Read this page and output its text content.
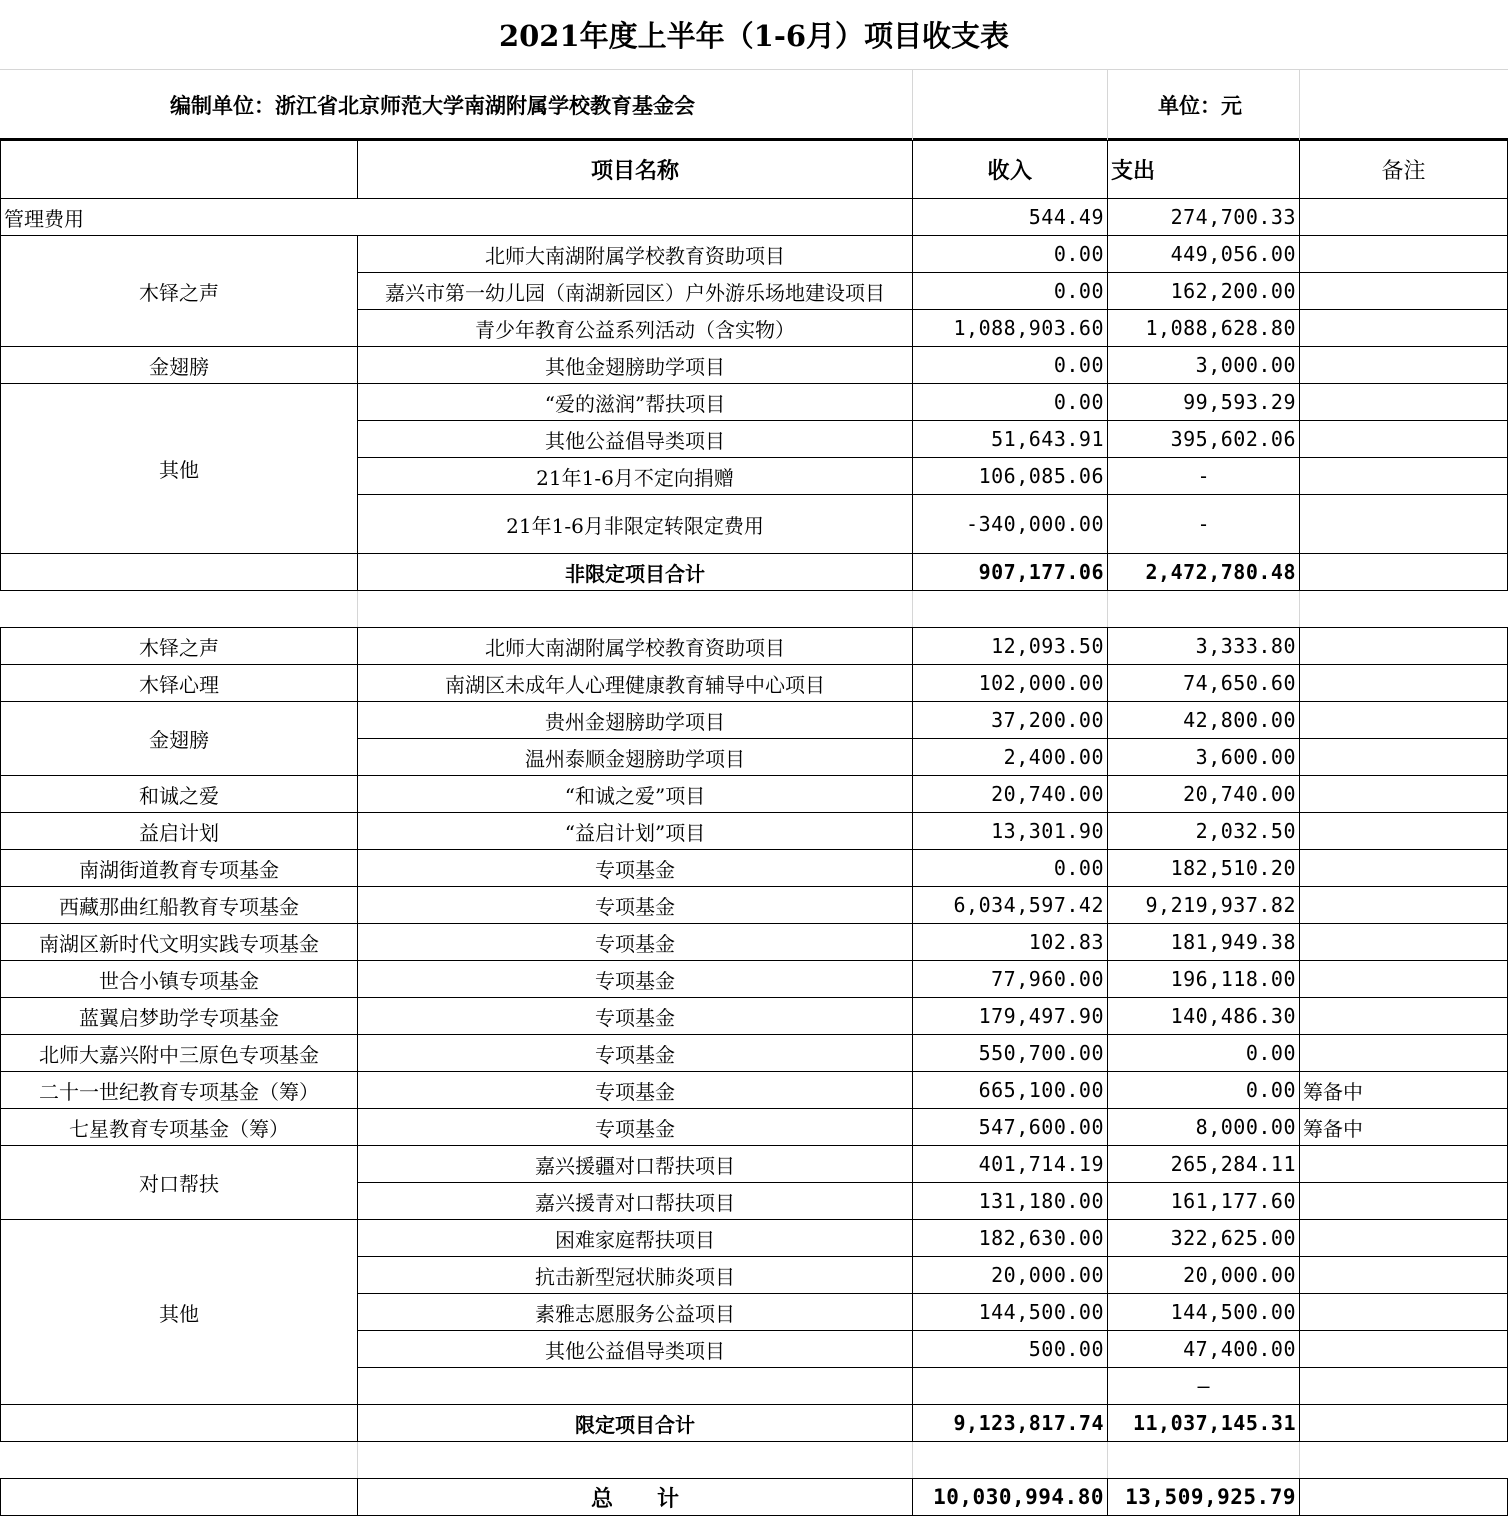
2021年度上半年（1-6月）项目收支表
编制单位：浙江省北京师范大学南湖附属学校教育基金会	单位：元
	项目名称	收入	支出	备注
管理费用		544.49	274,700.33	
木铎之声	北师大南湖附属学校教育资助项目	0.00	449,056.00	
	嘉兴市第一幼儿园（南湖新园区）户外游乐场地建设项目	0.00	162,200.00	
	青少年教育公益系列活动（含实物）	1,088,903.60	1,088,628.80	
金翅膀	其他金翅膀助学项目	0.00	3,000.00	
其他	“爱的滋润”帮扶项目	0.00	99,593.29	
	其他公益倡导类项目	51,643.91	395,602.06	
	21年1-6月不定向捐赠	106,085.06	-	
	21年1-6月非限定转限定费用	-340,000.00	-	
	非限定项目合计	907,177.06	2,472,780.48	

木铎之声	北师大南湖附属学校教育资助项目	12,093.50	3,333.80	
木铎心理	南湖区未成年人心理健康教育辅导中心项目	102,000.00	74,650.60	
金翅膀	贵州金翅膀助学项目	37,200.00	42,800.00	
	温州泰顺金翅膀助学项目	2,400.00	3,600.00	
和诚之爱	“和诚之爱”项目	20,740.00	20,740.00	
益启计划	“益启计划”项目	13,301.90	2,032.50	
南湖街道教育专项基金	专项基金	0.00	182,510.20	
西藏那曲红船教育专项基金	专项基金	6,034,597.42	9,219,937.82	
南湖区新时代文明实践专项基金	专项基金	102.83	181,949.38	
世合小镇专项基金	专项基金	77,960.00	196,118.00	
蓝翼启梦助学专项基金	专项基金	179,497.90	140,486.30	
北师大嘉兴附中三原色专项基金	专项基金	550,700.00	0.00	
二十一世纪教育专项基金（筹）	专项基金	665,100.00	0.00	筹备中
七星教育专项基金（筹）	专项基金	547,600.00	8,000.00	筹备中
对口帮扶	嘉兴援疆对口帮扶项目	401,714.19	265,284.11	
	嘉兴援青对口帮扶项目	131,180.00	161,177.60	
其他	困难家庭帮扶项目	182,630.00	322,625.00	
	抗击新型冠状肺炎项目	20,000.00	20,000.00	
	素雅志愿服务公益项目	144,500.00	144,500.00	
	其他公益倡导类项目	500.00	47,400.00	
			—	
	限定项目合计	9,123,817.74	11,037,145.31	

	总　　计	10,030,994.80	13,509,925.79	
